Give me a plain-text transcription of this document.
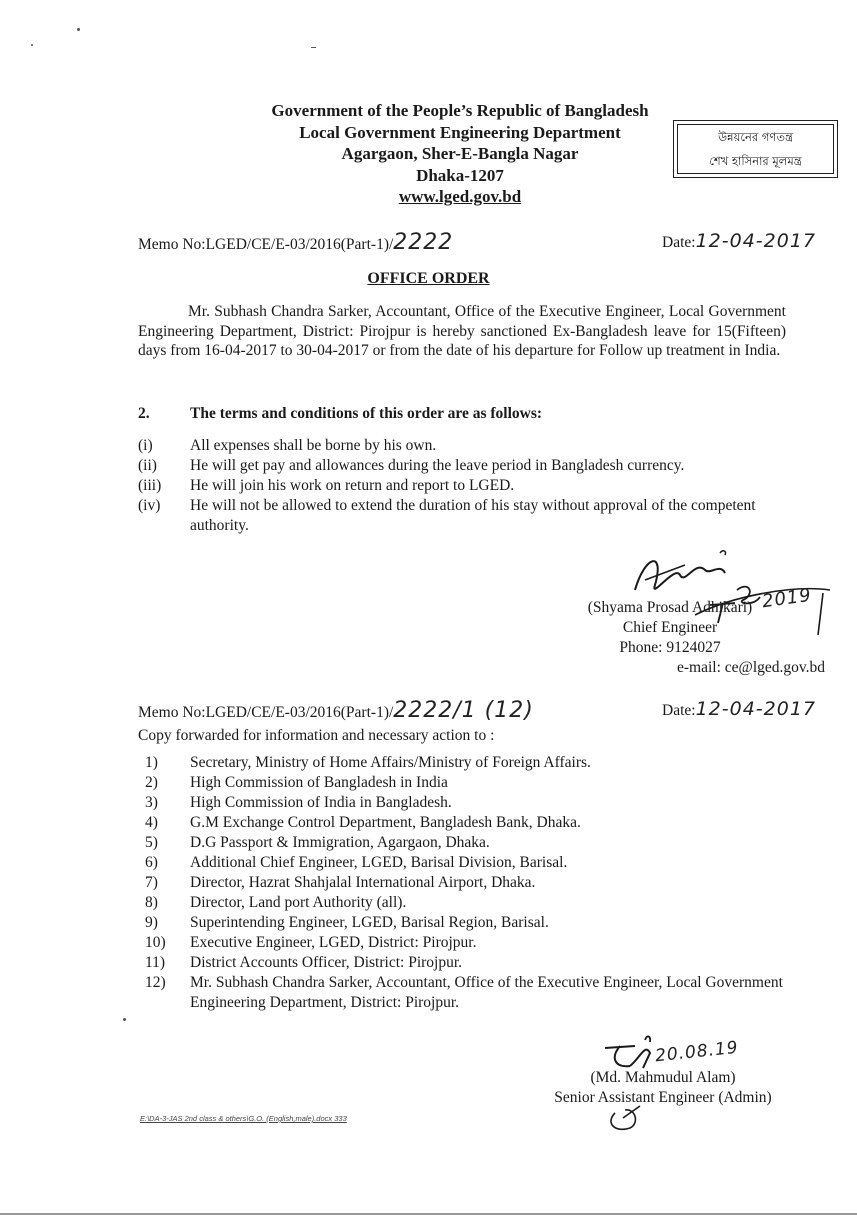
Government of the People’s Republic of Bangladesh
Local Government Engineering Department
Agargaon, Sher-E-Bangla Nagar
Dhaka-1207
www.lged.gov.bd
উন্নয়নের গণতন্ত্র
শেখ হাসিনার মূলমন্ত্র
Memo No:LGED/CE/E-03/2016(Part-1)/2222	Date:12-04-2017
OFFICE ORDER
Mr. Subhash Chandra Sarker, Accountant, Office of the Executive Engineer, Local Government Engineering Department, District: Pirojpur is hereby sanctioned Ex-Bangladesh leave for 15(Fifteen) days from 16-04-2017 to 30-04-2017 or from the date of his departure for Follow up treatment in India.
2.	The terms and conditions of this order are as follows:
(i) All expenses shall be borne by his own.
(ii) He will get pay and allowances during the leave period in Bangladesh currency.
(iii) He will join his work on return and report to LGED.
(iv) He will not be allowed to extend the duration of his stay without approval of the competent authority.
2019
(Shyama Prosad Adhikari)
Chief Engineer
Phone: 9124027
e-mail: ce@lged.gov.bd
Memo No:LGED/CE/E-03/2016(Part-1)/2222/1 (12)	Date:12-04-2017
Copy forwarded for information and necessary action to :
1) Secretary, Ministry of Home Affairs/Ministry of Foreign Affairs.
2) High Commission of Bangladesh in India
3) High Commission of India in Bangladesh.
4) G.M Exchange Control Department, Bangladesh Bank, Dhaka.
5) D.G Passport & Immigration, Agargaon, Dhaka.
6) Additional Chief Engineer, LGED, Barisal Division, Barisal.
7) Director, Hazrat Shahjalal International Airport, Dhaka.
8) Director, Land port Authority (all).
9) Superintending Engineer, LGED, Barisal Region, Barisal.
10) Executive Engineer, LGED, District: Pirojpur.
11) District Accounts Officer, District: Pirojpur.
12) Mr. Subhash Chandra Sarker, Accountant, Office of the Executive Engineer, Local Government Engineering Department, District: Pirojpur.
20.08.19
(Md. Mahmudul Alam)
Senior Assistant Engineer (Admin)
E:\DA-3-JAS 2nd class & others\G.O. (English,male).docx 333
